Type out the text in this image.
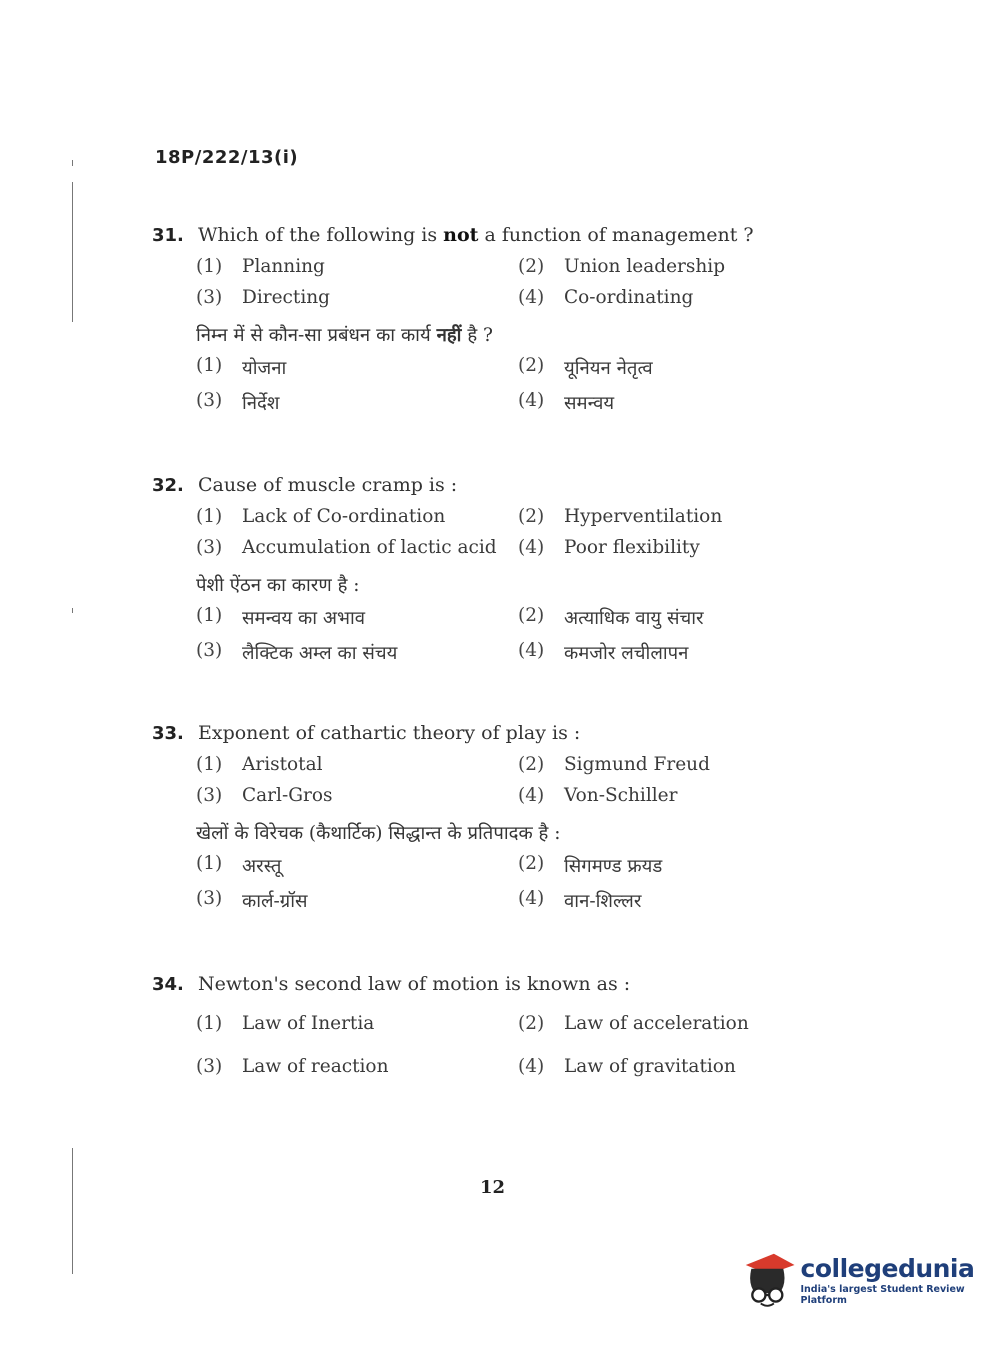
18P/222/13(i)
31. Which of the following is not a function of management ?
(1)	Planning	(2)	Union leadership
(3)	Directing	(4)	Co-ordinating
निम्न में से कौन-सा प्रबंधन का कार्य नहीं है ?
(1)	योजना	(2)	यूनियन नेतृत्व
(3)	निर्देश	(4)	समन्वय
32. Cause of muscle cramp is :
(1)	Lack of Co-ordination	(2)	Hyperventilation
(3)	Accumulation of lactic acid (4)	Poor flexibility
पेशी ऐंठन का कारण है :
(1)	समन्वय का अभाव	(2)	अत्याधिक वायु संचार
(3)	लैक्टिक अम्ल का संचय	(4)	कमजोर लचीलापन
33. Exponent of cathartic theory of play is :
(1)	Aristotal	(2)	Sigmund Freud
(3)	Carl-Gros	(4)	Von-Schiller
खेलों के विरेचक (कैथार्टिक) सिद्धान्त के प्रतिपादक है :
(1)	अरस्तू	(2)	सिगमण्ड फ्रयड
(3)	कार्ल-ग्रॉस	(4)	वान-शिल्लर
34. Newton's second law of motion is known as :
(1)	Law of Inertia	(2)	Law of acceleration
(3)	Law of reaction	(4)	Law of gravitation
12
collegedunia
India's largest Student Review Platform
